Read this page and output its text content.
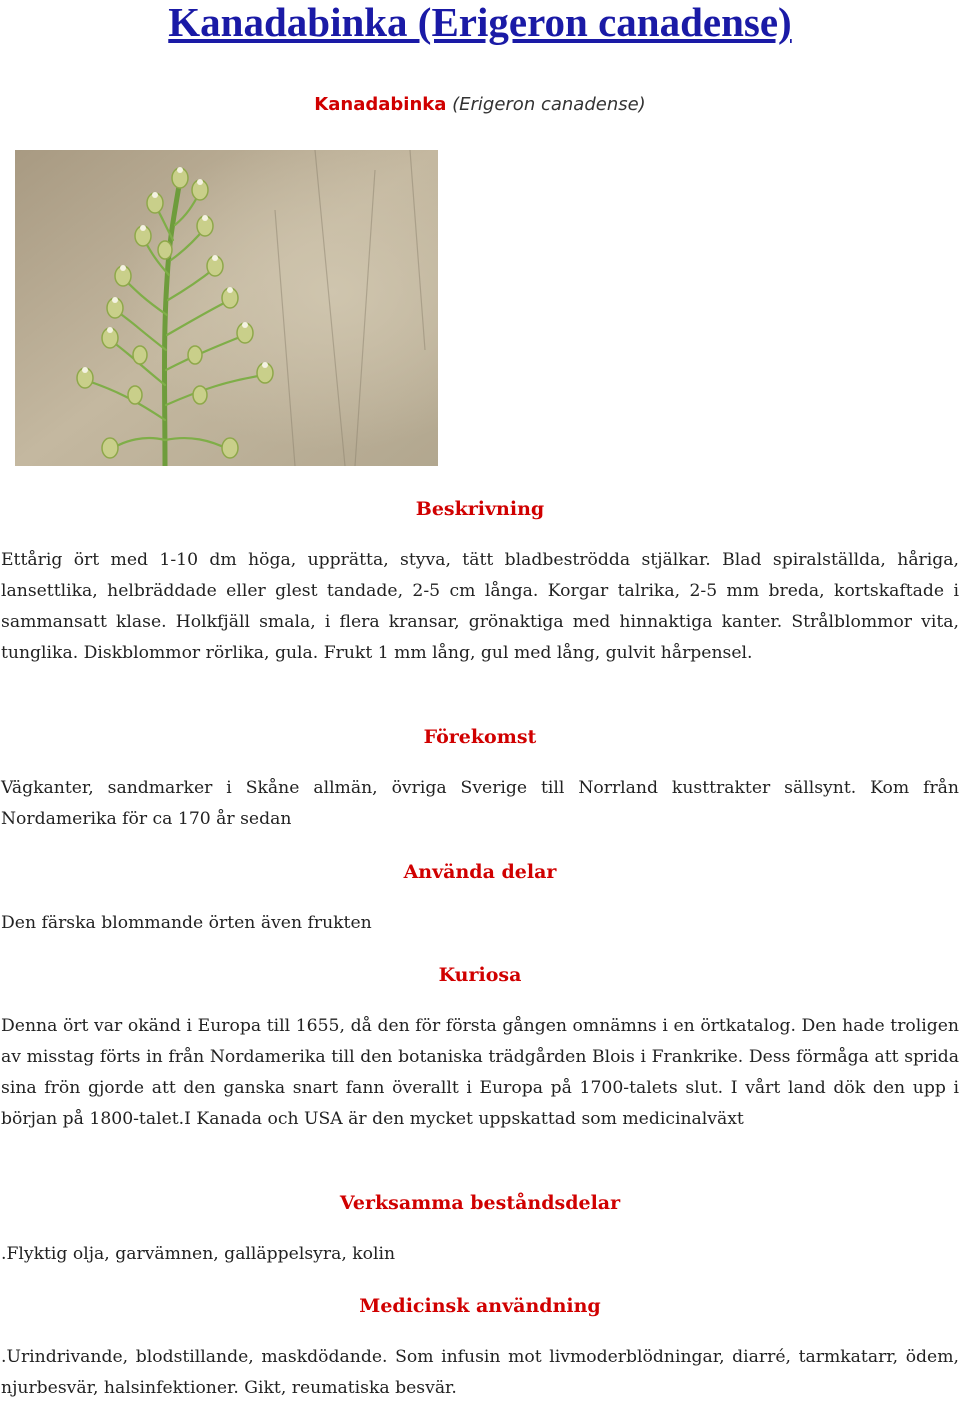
Kanadabinka (Erigeron canadense)
Kanadabinka (Erigeron canadense)
Beskrivning

Ettårig ört med 1-10 dm höga, upprätta, styva, tätt bladbeströdda stjälkar. Blad spiralställda, håriga, lansettlika, helbräddade eller glest tandade, 2-5 cm långa. Korgar talrika, 2-5 mm breda, kortskaftade i sammansatt klase. Holkfjäll smala, i flera kransar, grönaktiga med hinnaktiga kanter. Strålblommor vita, tunglika. Diskblommor rörlika, gula. Frukt 1 mm lång, gul med lång, gulvit hårpensel.

Förekomst

Vägkanter, sandmarker i Skåne allmän, övriga Sverige till Norrland kusttrakter sällsynt. Kom från Nordamerika för ca 170 år sedan

Använda delar

Den färska blommande örten även frukten

Kuriosa

Denna ört var okänd i Europa till 1655, då den för första gången omnämns i en örtkatalog. Den hade troligen av misstag förts in från Nordamerika till den botaniska trädgården Blois i Frankrike. Dess förmåga att sprida sina frön gjorde att den ganska snart fann överallt i Europa på 1700-talets slut. I vårt land dök den upp i början på 1800-talet.I Kanada och USA är den mycket uppskattad som medicinalväxt

Verksamma beståndsdelar

.Flyktig olja, garvämnen, galläppelsyra, kolin

Medicinsk användning

.Urindrivande, blodstillande, maskdödande. Som infusin mot livmoderblödningar, diarré, tarmkatarr, ödem, njurbesvär, halsinfektioner. Gikt, reumatiska besvär.
